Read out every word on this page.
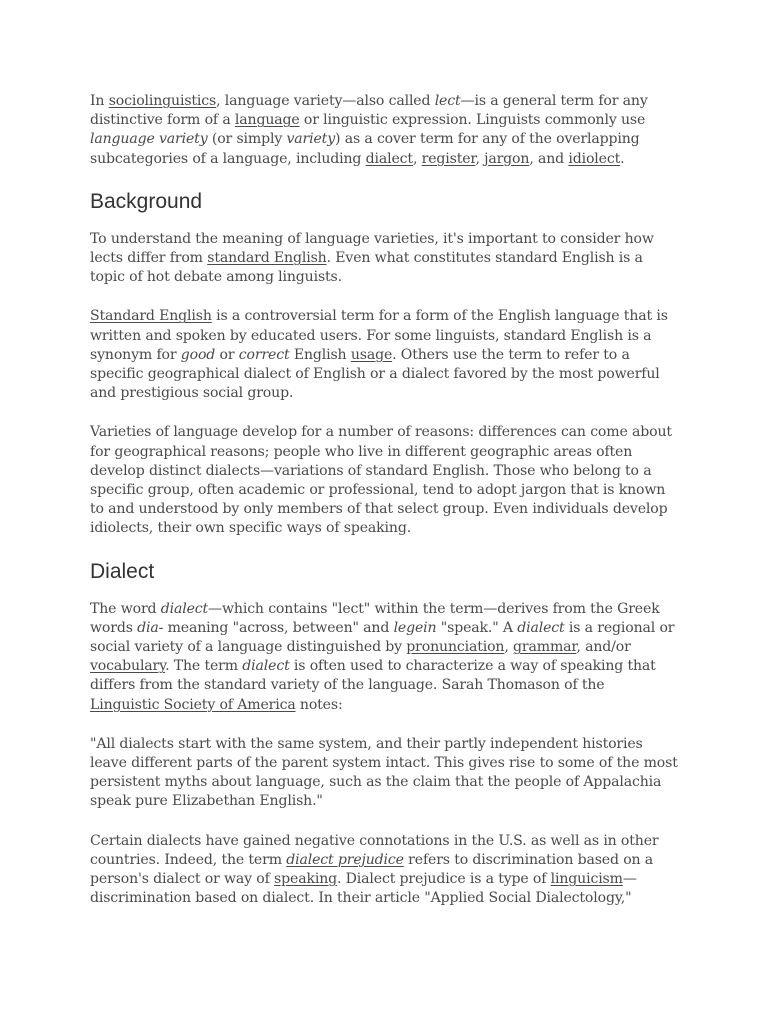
In sociolinguistics, language variety—also called lect—is a general term for any distinctive form of a language or linguistic expression. Linguists commonly use language variety (or simply variety) as a cover term for any of the overlapping subcategories of a language, including dialect, register, jargon, and idiolect.

Background

To understand the meaning of language varieties, it's important to consider how lects differ from standard English. Even what constitutes standard English is a topic of hot debate among linguists.

Standard English is a controversial term for a form of the English language that is written and spoken by educated users. For some linguists, standard English is a synonym for good or correct English usage. Others use the term to refer to a specific geographical dialect of English or a dialect favored by the most powerful and prestigious social group.

Varieties of language develop for a number of reasons: differences can come about for geographical reasons; people who live in different geographic areas often develop distinct dialects—variations of standard English. Those who belong to a specific group, often academic or professional, tend to adopt jargon that is known to and understood by only members of that select group. Even individuals develop idiolects, their own specific ways of speaking.

Dialect

The word dialect—which contains "lect" within the term—derives from the Greek words dia- meaning "across, between" and legein "speak." A dialect is a regional or social variety of a language distinguished by pronunciation, grammar, and/or vocabulary. The term dialect is often used to characterize a way of speaking that differs from the standard variety of the language. Sarah Thomason of the Linguistic Society of America notes:

"All dialects start with the same system, and their partly independent histories leave different parts of the parent system intact. This gives rise to some of the most persistent myths about language, such as the claim that the people of Appalachia speak pure Elizabethan English."

Certain dialects have gained negative connotations in the U.S. as well as in other countries. Indeed, the term dialect prejudice refers to discrimination based on a person's dialect or way of speaking. Dialect prejudice is a type of linguicism—discrimination based on dialect. In their article "Applied Social Dialectology,"
